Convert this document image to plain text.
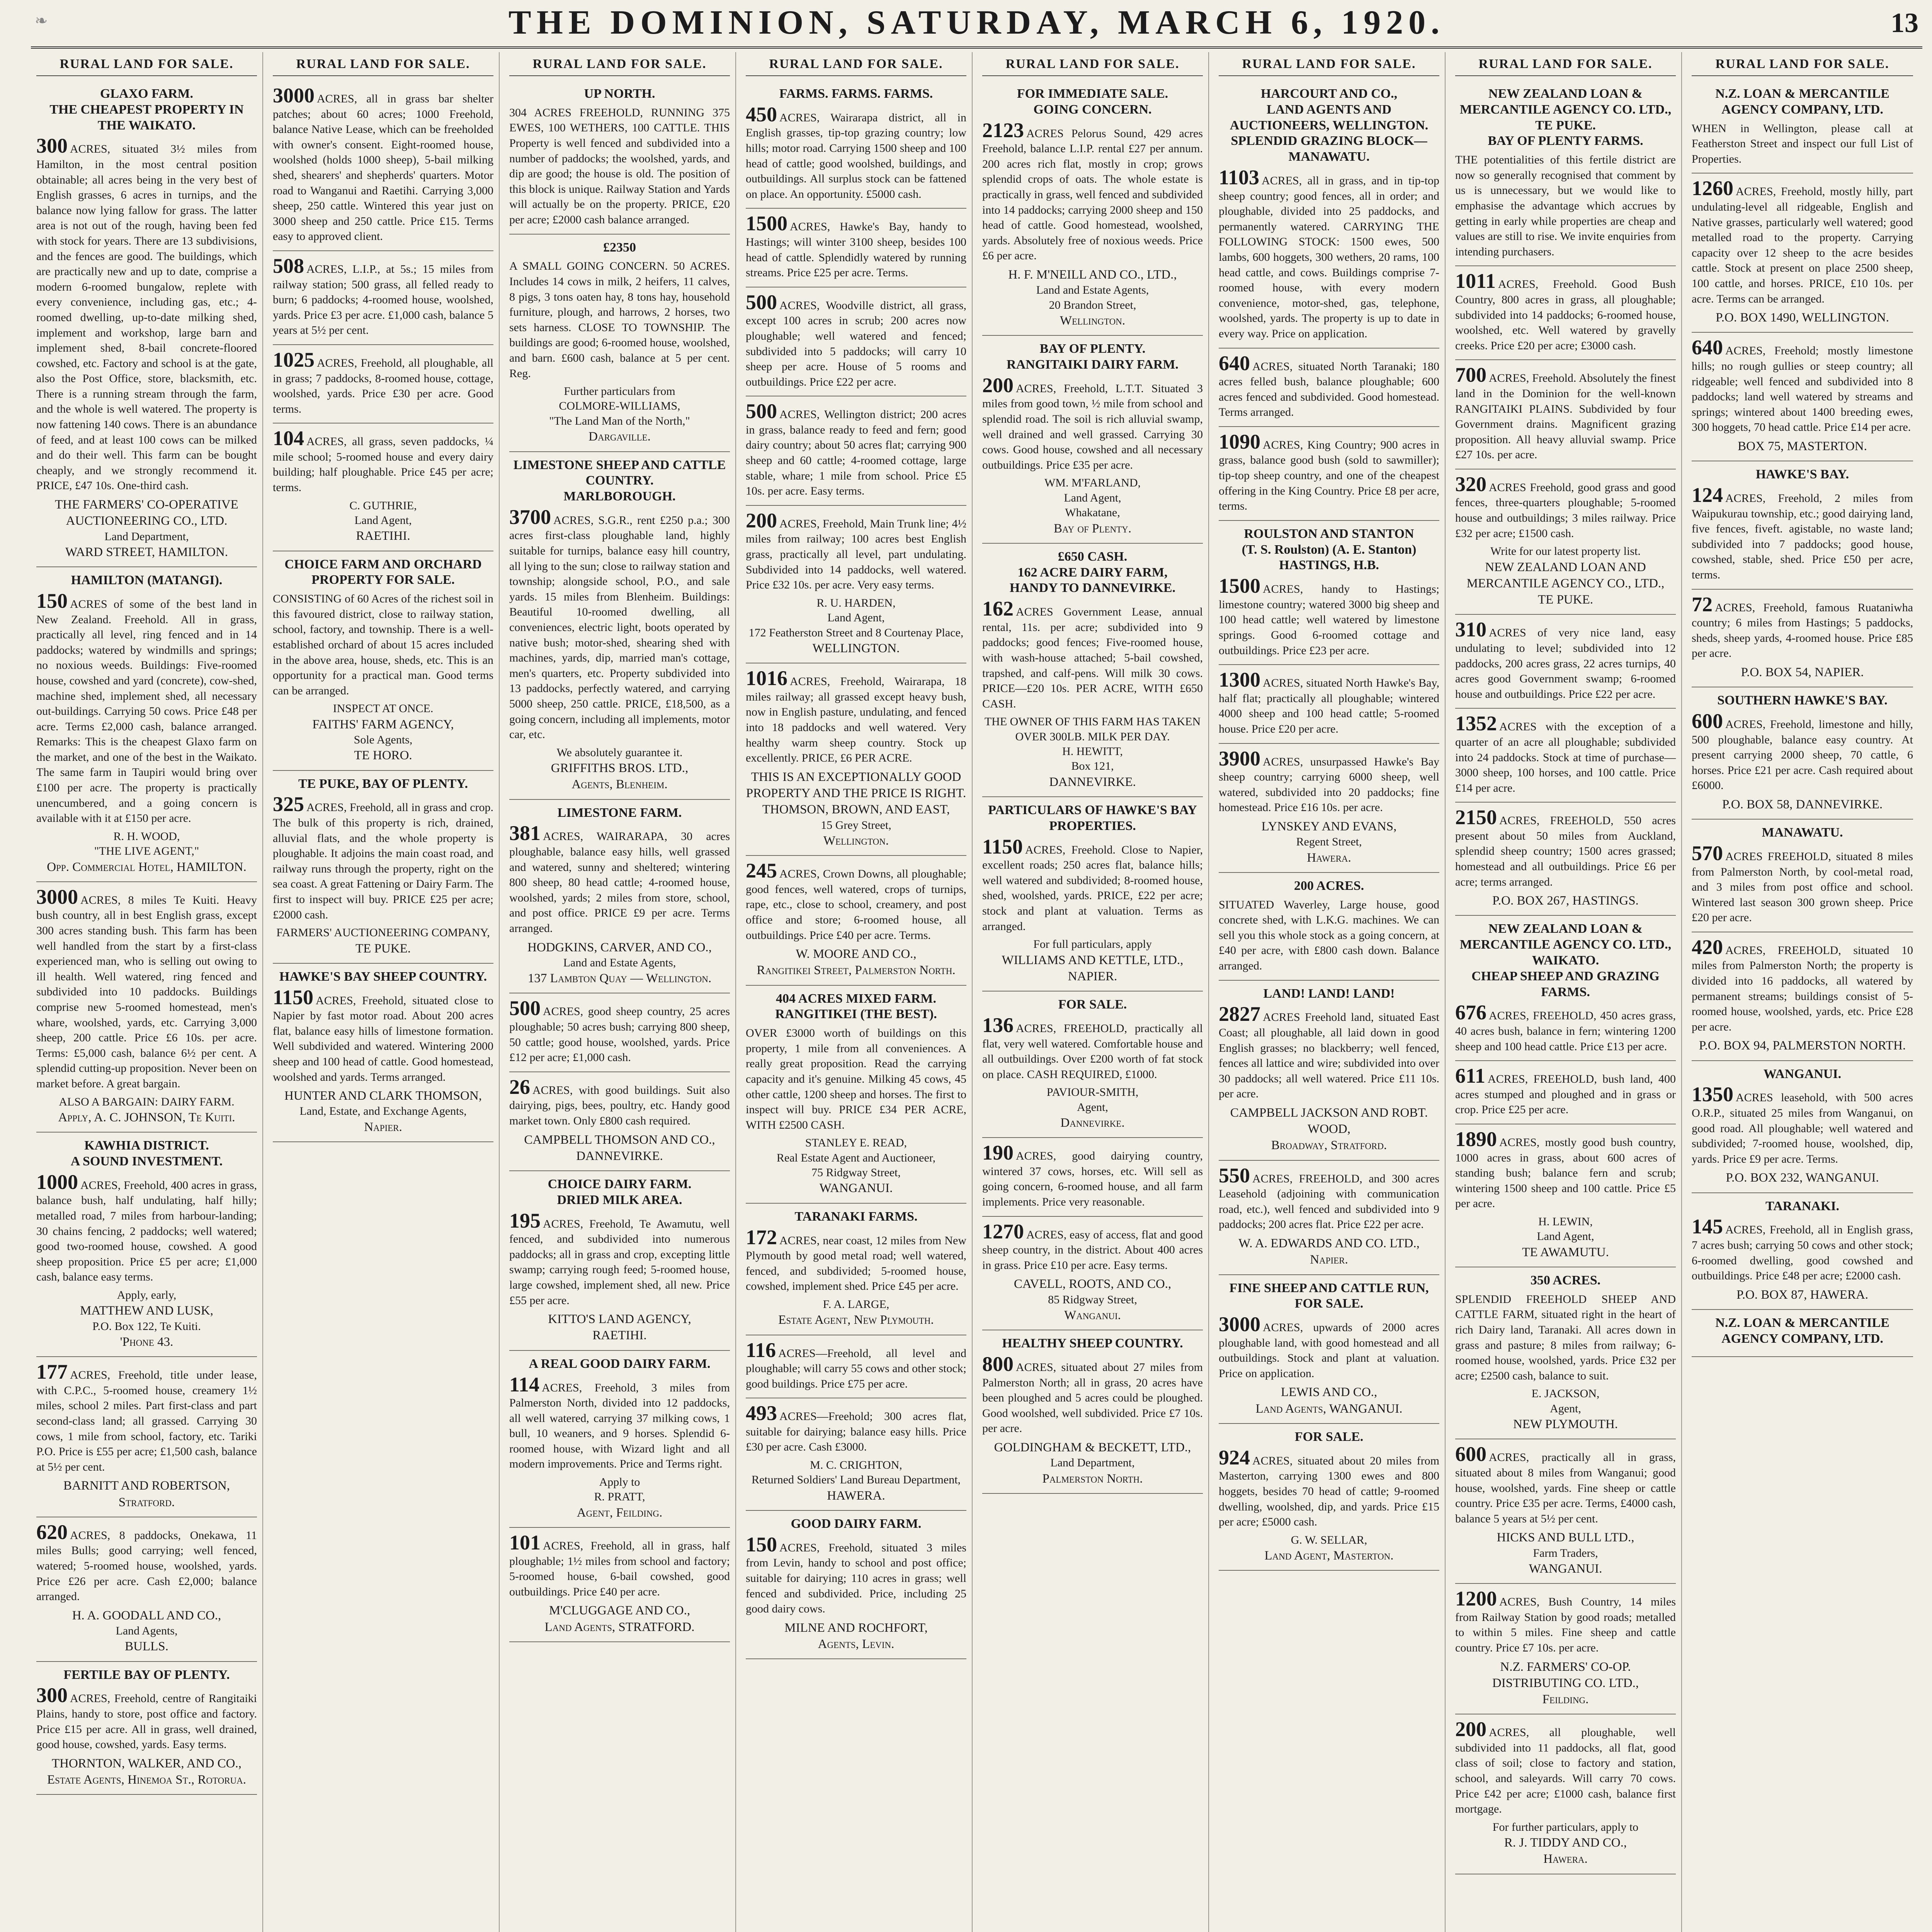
❧	THE DOMINION, SATURDAY, MARCH 6, 1920.	13
RURAL LAND FOR SALE.
GLAXO FARM.
THE CHEAPEST PROPERTY IN THE WAIKATO.
300 ACRES, situated 3½ miles from Hamilton, in the most central position obtainable; all acres being in the very best of English grasses, 6 acres in turnips, and the balance now lying fallow for grass. The latter area is not out of the rough, having been fed with stock for years. There are 13 subdivisions, and the fences are good. The buildings, which are practically new and up to date, comprise a modern 6-roomed bungalow, replete with every convenience, including gas, etc.; 4-roomed dwelling, up-to-date milking shed, implement and workshop, large barn and implement shed, 8-bail concrete-floored cowshed, etc. Factory and school is at the gate, also the Post Office, store, blacksmith, etc. There is a running stream through the farm, and the whole is well watered. The property is now fattening 140 cows. There is an abundance of feed, and at least 100 cows can be milked and do their well. This farm can be bought cheaply, and we strongly recommend it. PRICE, £47 10s. One-third cash.
THE FARMERS' CO-OPERATIVE AUCTIONEERING CO., LTD.
Land Department,
WARD STREET, HAMILTON.
HAMILTON (MATANGI).
150 ACRES of some of the best land in New Zealand. Freehold. All in grass, practically all level, ring fenced and in 14 paddocks; watered by windmills and springs; no noxious weeds. Buildings: Five-roomed house, cowshed and yard (concrete), cow-shed, machine shed, implement shed, all necessary out-buildings. Carrying 50 cows. Price £48 per acre. Terms £2,000 cash, balance arranged. Remarks: This is the cheapest Glaxo farm on the market, and one of the best in the Waikato. The same farm in Taupiri would bring over £100 per acre. The property is practically unencumbered, and a going concern is available with it at £150 per acre.
R. H. WOOD,
"THE LIVE AGENT,"
Opp. Commercial Hotel, HAMILTON.
3000 ACRES, 8 miles Te Kuiti. Heavy bush country, all in best English grass, except 300 acres standing bush. This farm has been well handled from the start by a first-class experienced man, who is selling out owing to ill health. Well watered, ring fenced and subdivided into 10 paddocks. Buildings comprise new 5-roomed homestead, men's whare, woolshed, yards, etc. Carrying 3,000 sheep, 200 cattle. Price £6 10s. per acre. Terms: £5,000 cash, balance 6½ per cent. A splendid cutting-up proposition. Never been on market before. A great bargain.
ALSO A BARGAIN: DAIRY FARM.
Apply, A. C. JOHNSON, Te Kuiti.
KAWHIA DISTRICT.
A SOUND INVESTMENT.
1000 ACRES, Freehold, 400 acres in grass, balance bush, half undulating, half hilly; metalled road, 7 miles from harbour-landing; 30 chains fencing, 2 paddocks; well watered; good two-roomed house, cowshed. A good sheep proposition. Price £5 per acre; £1,000 cash, balance easy terms.
Apply, early,
MATTHEW AND LUSK,
P.O. Box 122, Te Kuiti.
'Phone 43.
177 ACRES, Freehold, title under lease, with C.P.C., 5-roomed house, creamery 1½ miles, school 2 miles. Part first-class and part second-class land; all grassed. Carrying 30 cows, 1 mile from school, factory, etc. Tariki P.O. Price is £55 per acre; £1,500 cash, balance at 5½ per cent.
BARNITT AND ROBERTSON,
Stratford.
620 ACRES, 8 paddocks, Onekawa, 11 miles Bulls; good carrying; well fenced, watered; 5-roomed house, woolshed, yards. Price £26 per acre. Cash £2,000; balance arranged.
H. A. GOODALL AND CO.,
Land Agents,
BULLS.
FERTILE BAY OF PLENTY.
300 ACRES, Freehold, centre of Rangitaiki Plains, handy to store, post office and factory. Price £15 per acre. All in grass, well drained, good house, cowshed, yards. Easy terms.
THORNTON, WALKER, AND CO.,
Estate Agents, Hinemoa St., Rotorua.
RURAL LAND FOR SALE.
3000 ACRES, all in grass bar shelter patches; about 60 acres; 1000 Freehold, balance Native Lease, which can be freeholded with owner's consent. Eight-roomed house, woolshed (holds 1000 sheep), 5-bail milking shed, shearers' and shepherds' quarters. Motor road to Wanganui and Raetihi. Carrying 3,000 sheep, 250 cattle. Wintered this year just on 3000 sheep and 250 cattle. Price £15. Terms easy to approved client.
508 ACRES, L.I.P., at 5s.; 15 miles from railway station; 500 grass, all felled ready to burn; 6 paddocks; 4-roomed house, woolshed, yards. Price £3 per acre. £1,000 cash, balance 5 years at 5½ per cent.
1025 ACRES, Freehold, all ploughable, all in grass; 7 paddocks, 8-roomed house, cottage, woolshed, yards. Price £30 per acre. Good terms.
104 ACRES, all grass, seven paddocks, ¼ mile school; 5-roomed house and every dairy building; half ploughable. Price £45 per acre; terms.
C. GUTHRIE,
Land Agent,
RAETIHI.
CHOICE FARM AND ORCHARD PROPERTY FOR SALE.
CONSISTING of 60 Acres of the richest soil in this favoured district, close to railway station, school, factory, and township. There is a well-established orchard of about 15 acres included in the above area, house, sheds, etc. This is an opportunity for a practical man. Good terms can be arranged.
INSPECT AT ONCE.
FAITHS' FARM AGENCY,
Sole Agents,
TE HORO.
TE PUKE, BAY OF PLENTY.
325 ACRES, Freehold, all in grass and crop. The bulk of this property is rich, drained, alluvial flats, and the whole property is ploughable. It adjoins the main coast road, and railway runs through the property, right on the sea coast. A great Fattening or Dairy Farm. The first to inspect will buy. PRICE £25 per acre; £2000 cash.
FARMERS' AUCTIONEERING COMPANY,
TE PUKE.
HAWKE'S BAY SHEEP COUNTRY.
1150 ACRES, Freehold, situated close to Napier by fast motor road. About 200 acres flat, balance easy hills of limestone formation. Well subdivided and watered. Wintering 2000 sheep and 100 head of cattle. Good homestead, woolshed and yards. Terms arranged.
HUNTER AND CLARK THOMSON,
Land, Estate, and Exchange Agents,
Napier.
RURAL LAND FOR SALE.
UP NORTH.
304 ACRES FREEHOLD, RUNNING 375 EWES, 100 WETHERS, 100 CATTLE. THIS Property is well fenced and subdivided into a number of paddocks; the woolshed, yards, and dip are good; the house is old. The position of this block is unique. Railway Station and Yards will actually be on the property. PRICE, £20 per acre; £2000 cash balance arranged.
£2350
A SMALL GOING CONCERN. 50 ACRES. Includes 14 cows in milk, 2 heifers, 11 calves, 8 pigs, 3 tons oaten hay, 8 tons hay, household furniture, plough, and harrows, 2 horses, two sets harness. CLOSE TO TOWNSHIP. The buildings are good; 6-roomed house, woolshed, and barn. £600 cash, balance at 5 per cent. Reg.
Further particulars from
COLMORE-WILLIAMS,
"The Land Man of the North,"
Dargaville.
LIMESTONE SHEEP AND CATTLE COUNTRY.
MARLBOROUGH.
3700 ACRES, S.G.R., rent £250 p.a.; 300 acres first-class ploughable land, highly suitable for turnips, balance easy hill country, all lying to the sun; close to railway station and township; alongside school, P.O., and sale yards. 15 miles from Blenheim. Buildings: Beautiful 10-roomed dwelling, all conveniences, electric light, boots operated by native bush; motor-shed, shearing shed with machines, yards, dip, married man's cottage, men's quarters, etc. Property subdivided into 13 paddocks, perfectly watered, and carrying 5000 sheep, 250 cattle. PRICE, £18,500, as a going concern, including all implements, motor car, etc.
We absolutely guarantee it.
GRIFFITHS BROS. LTD.,
Agents, Blenheim.
LIMESTONE FARM.
381 ACRES, WAIRARAPA, 30 acres ploughable, balance easy hills, well grassed and watered, sunny and sheltered; wintering 800 sheep, 80 head cattle; 4-roomed house, woolshed, yards; 2 miles from store, school, and post office. PRICE £9 per acre. Terms arranged.
HODGKINS, CARVER, AND CO.,
Land and Estate Agents,
137 Lambton Quay — Wellington.
500 ACRES, good sheep country, 25 acres ploughable; 50 acres bush; carrying 800 sheep, 50 cattle; good house, woolshed, yards. Price £12 per acre; £1,000 cash.
26 ACRES, with good buildings. Suit also dairying, pigs, bees, poultry, etc. Handy good market town. Only £800 cash required.
CAMPBELL THOMSON AND CO.,
DANNEVIRKE.
CHOICE DAIRY FARM.
DRIED MILK AREA.
195 ACRES, Freehold, Te Awamutu, well fenced, and subdivided into numerous paddocks; all in grass and crop, excepting little swamp; carrying rough feed; 5-roomed house, large cowshed, implement shed, all new. Price £55 per acre.
KITTO'S LAND AGENCY,
RAETIHI.
A REAL GOOD DAIRY FARM.
114 ACRES, Freehold, 3 miles from Palmerston North, divided into 12 paddocks, all well watered, carrying 37 milking cows, 1 bull, 10 weaners, and 9 horses. Splendid 6-roomed house, with Wizard light and all modern improvements. Price and Terms right.
Apply to
R. PRATT,
Agent, Feilding.
101 ACRES, Freehold, all in grass, half ploughable; 1½ miles from school and factory; 5-roomed house, 6-bail cowshed, good outbuildings. Price £40 per acre.
M'CLUGGAGE AND CO.,
Land Agents, STRATFORD.
RURAL LAND FOR SALE.
FARMS. FARMS. FARMS.
450 ACRES, Wairarapa district, all in English grasses, tip-top grazing country; low hills; motor road. Carrying 1500 sheep and 100 head of cattle; good woolshed, buildings, and outbuildings. All surplus stock can be fattened on place. An opportunity. £5000 cash.
1500 ACRES, Hawke's Bay, handy to Hastings; will winter 3100 sheep, besides 100 head of cattle. Splendidly watered by running streams. Price £25 per acre. Terms.
500 ACRES, Woodville district, all grass, except 100 acres in scrub; 200 acres now ploughable; well watered and fenced; subdivided into 5 paddocks; will carry 10 sheep per acre. House of 5 rooms and outbuildings. Price £22 per acre.
500 ACRES, Wellington district; 200 acres in grass, balance ready to feed and fern; good dairy country; about 50 acres flat; carrying 900 sheep and 60 cattle; 4-roomed cottage, large stable, whare; 1 mile from school. Price £5 10s. per acre. Easy terms.
200 ACRES, Freehold, Main Trunk line; 4½ miles from railway; 100 acres best English grass, practically all level, part undulating. Subdivided into 14 paddocks, well watered. Price £32 10s. per acre. Very easy terms.
R. U. HARDEN,
Land Agent,
172 Featherston Street and 8 Courtenay Place,
WELLINGTON.
1016 ACRES, Freehold, Wairarapa, 18 miles railway; all grassed except heavy bush, now in English pasture, undulating, and fenced into 18 paddocks and well watered. Very healthy warm sheep country. Stock up excellently. PRICE, £6 PER ACRE.
THIS IS AN EXCEPTIONALLY GOOD PROPERTY AND THE PRICE IS RIGHT.
THOMSON, BROWN, AND EAST,
15 Grey Street,
Wellington.
245 ACRES, Crown Downs, all ploughable; good fences, well watered, crops of turnips, rape, etc., close to school, creamery, and post office and store; 6-roomed house, all outbuildings. Price £40 per acre. Terms.
W. MOORE AND CO.,
Rangitikei Street, Palmerston North.
404 ACRES MIXED FARM.
RANGITIKEI (THE BEST).
OVER £3000 worth of buildings on this property, 1 mile from all conveniences. A really great proposition. Read the carrying capacity and it's genuine. Milking 45 cows, 45 other cattle, 1200 sheep and horses. The first to inspect will buy. PRICE £34 PER ACRE, WITH £2500 CASH.
STANLEY E. READ,
Real Estate Agent and Auctioneer,
75 Ridgway Street,
WANGANUI.
TARANAKI FARMS.
172 ACRES, near coast, 12 miles from New Plymouth by good metal road; well watered, fenced, and subdivided; 5-roomed house, cowshed, implement shed. Price £45 per acre.
F. A. LARGE,
Estate Agent, New Plymouth.
116 ACRES—Freehold, all level and ploughable; will carry 55 cows and other stock; good buildings. Price £75 per acre.
493 ACRES—Freehold; 300 acres flat, suitable for dairying; balance easy hills. Price £30 per acre. Cash £3000.
M. C. CRIGHTON,
Returned Soldiers' Land Bureau Department,
HAWERA.
GOOD DAIRY FARM.
150 ACRES, Freehold, situated 3 miles from Levin, handy to school and post office; suitable for dairying; 110 acres in grass; well fenced and subdivided. Price, including 25 good dairy cows.
MILNE AND ROCHFORT,
Agents, Levin.
RURAL LAND FOR SALE.
FOR IMMEDIATE SALE.
GOING CONCERN.
2123 ACRES Pelorus Sound, 429 acres Freehold, balance L.I.P. rental £27 per annum. 200 acres rich flat, mostly in crop; grows splendid crops of oats. The whole estate is practically in grass, well fenced and subdivided into 14 paddocks; carrying 2000 sheep and 150 head of cattle. Good homestead, woolshed, yards. Absolutely free of noxious weeds. Price £6 per acre.
H. F. M'NEILL AND CO., LTD.,
Land and Estate Agents,
20 Brandon Street,
Wellington.
BAY OF PLENTY.
RANGITAIKI DAIRY FARM.
200 ACRES, Freehold, L.T.T. Situated 3 miles from good town, ½ mile from school and splendid road. The soil is rich alluvial swamp, well drained and well grassed. Carrying 30 cows. Good house, cowshed and all necessary outbuildings. Price £35 per acre.
WM. M'FARLAND,
Land Agent,
Whakatane,
Bay of Plenty.
£650 CASH.
162 ACRE DAIRY FARM,
HANDY TO DANNEVIRKE.
162 ACRES Government Lease, annual rental, 11s. per acre; subdivided into 9 paddocks; good fences; Five-roomed house, with wash-house attached; 5-bail cowshed, trapshed, and calf-pens. Will milk 30 cows. PRICE—£20 10s. PER ACRE, WITH £650 CASH.
THE OWNER OF THIS FARM HAS TAKEN OVER 300LB. MILK PER DAY.
H. HEWITT,
Box 121,
DANNEVIRKE.
PARTICULARS OF HAWKE'S BAY PROPERTIES.
1150 ACRES, Freehold. Close to Napier, excellent roads; 250 acres flat, balance hills; well watered and subdivided; 8-roomed house, shed, woolshed, yards. PRICE, £22 per acre; stock and plant at valuation. Terms as arranged.
For full particulars, apply
WILLIAMS AND KETTLE, LTD.,
NAPIER.
FOR SALE.
136 ACRES, FREEHOLD, practically all flat, very well watered. Comfortable house and all outbuildings. Over £200 worth of fat stock on place. CASH REQUIRED, £1000.
PAVIOUR-SMITH,
Agent,
Dannevirke.
190 ACRES, good dairying country, wintered 37 cows, horses, etc. Will sell as going concern, 6-roomed house, and all farm implements. Price very reasonable.
1270 ACRES, easy of access, flat and good sheep country, in the district. About 400 acres in grass. Price £10 per acre. Easy terms.
CAVELL, ROOTS, AND CO.,
85 Ridgway Street,
Wanganui.
HEALTHY SHEEP COUNTRY.
800 ACRES, situated about 27 miles from Palmerston North; all in grass, 20 acres have been ploughed and 5 acres could be ploughed. Good woolshed, well subdivided. Price £7 10s. per acre.
GOLDINGHAM & BECKETT, LTD.,
Land Department,
Palmerston North.
RURAL LAND FOR SALE.
HARCOURT AND CO.,
LAND AGENTS AND AUCTIONEERS, WELLINGTON.
SPLENDID GRAZING BLOCK—MANAWATU.
1103 ACRES, all in grass, and in tip-top sheep country; good fences, all in order; and ploughable, divided into 25 paddocks, and permanently watered. CARRYING THE FOLLOWING STOCK: 1500 ewes, 500 lambs, 600 hoggets, 300 wethers, 20 rams, 100 head cattle, and cows. Buildings comprise 7-roomed house, with every modern convenience, motor-shed, gas, telephone, woolshed, yards. The property is up to date in every way. Price on application.
640 ACRES, situated North Taranaki; 180 acres felled bush, balance ploughable; 600 acres fenced and subdivided. Good homestead. Terms arranged.
1090 ACRES, King Country; 900 acres in grass, balance good bush (sold to sawmiller); tip-top sheep country, and one of the cheapest offering in the King Country. Price £8 per acre, terms.
ROULSTON AND STANTON
(T. S. Roulston) (A. E. Stanton)
HASTINGS, H.B.
1500 ACRES, handy to Hastings; limestone country; watered 3000 big sheep and 100 head cattle; well watered by limestone springs. Good 6-roomed cottage and outbuildings. Price £23 per acre.
1300 ACRES, situated North Hawke's Bay, half flat; practically all ploughable; wintered 4000 sheep and 100 head cattle; 5-roomed house. Price £20 per acre.
3900 ACRES, unsurpassed Hawke's Bay sheep country; carrying 6000 sheep, well watered, subdivided into 20 paddocks; fine homestead. Price £16 10s. per acre.
LYNSKEY AND EVANS,
Regent Street,
Hawera.
200 ACRES.
SITUATED Waverley, Large house, good concrete shed, with L.K.G. machines. We can sell you this whole stock as a going concern, at £40 per acre, with £800 cash down. Balance arranged.
LAND! LAND! LAND!
2827 ACRES Freehold land, situated East Coast; all ploughable, all laid down in good English grasses; no blackberry; well fenced, fences all lattice and wire; subdivided into over 30 paddocks; all well watered. Price £11 10s. per acre.
CAMPBELL JACKSON AND ROBT. WOOD,
Broadway, Stratford.
550 ACRES, FREEHOLD, and 300 acres Leasehold (adjoining with communication road, etc.), well fenced and subdivided into 9 paddocks; 200 acres flat. Price £22 per acre.
W. A. EDWARDS AND CO. LTD.,
Napier.
FINE SHEEP AND CATTLE RUN,
FOR SALE.
3000 ACRES, upwards of 2000 acres ploughable land, with good homestead and all outbuildings. Stock and plant at valuation. Price on application.
LEWIS AND CO.,
Land Agents, WANGANUI.
FOR SALE.
924 ACRES, situated about 20 miles from Masterton, carrying 1300 ewes and 800 hoggets, besides 70 head of cattle; 9-roomed dwelling, woolshed, dip, and yards. Price £15 per acre; £5000 cash.
G. W. SELLAR,
Land Agent, Masterton.
RURAL LAND FOR SALE.
NEW ZEALAND LOAN & MERCANTILE AGENCY CO. LTD.,
TE PUKE.
BAY OF PLENTY FARMS.
THE potentialities of this fertile district are now so generally recognised that comment by us is unnecessary, but we would like to emphasise the advantage which accrues by getting in early while properties are cheap and values are still to rise. We invite enquiries from intending purchasers.
1011 ACRES, Freehold. Good Bush Country, 800 acres in grass, all ploughable; subdivided into 14 paddocks; 6-roomed house, woolshed, etc. Well watered by gravelly creeks. Price £20 per acre; £3000 cash.
700 ACRES, Freehold. Absolutely the finest land in the Dominion for the well-known RANGITAIKI PLAINS. Subdivided by four Government drains. Magnificent grazing proposition. All heavy alluvial swamp. Price £27 10s. per acre.
320 ACRES Freehold, good grass and good fences, three-quarters ploughable; 5-roomed house and outbuildings; 3 miles railway. Price £32 per acre; £1500 cash.
Write for our latest property list.
NEW ZEALAND LOAN AND MERCANTILE AGENCY CO., LTD.,
TE PUKE.
310 ACRES of very nice land, easy undulating to level; subdivided into 12 paddocks, 200 acres grass, 22 acres turnips, 40 acres good Government swamp; 6-roomed house and outbuildings. Price £22 per acre.
1352 ACRES with the exception of a quarter of an acre all ploughable; subdivided into 24 paddocks. Stock at time of purchase—3000 sheep, 100 horses, and 100 cattle. Price £14 per acre.
2150 ACRES, FREEHOLD, 550 acres present about 50 miles from Auckland, splendid sheep country; 1500 acres grassed; homestead and all outbuildings. Price £6 per acre; terms arranged.
P.O. BOX 267, HASTINGS.
NEW ZEALAND LOAN & MERCANTILE AGENCY CO. LTD.,
WAIKATO.
CHEAP SHEEP AND GRAZING FARMS.
676 ACRES, FREEHOLD, 450 acres grass, 40 acres bush, balance in fern; wintering 1200 sheep and 100 head cattle. Price £13 per acre.
611 ACRES, FREEHOLD, bush land, 400 acres stumped and ploughed and in grass or crop. Price £25 per acre.
1890 ACRES, mostly good bush country, 1000 acres in grass, about 600 acres of standing bush; balance fern and scrub; wintering 1500 sheep and 100 cattle. Price £5 per acre.
H. LEWIN,
Land Agent,
TE AWAMUTU.
350 ACRES.
SPLENDID FREEHOLD SHEEP AND CATTLE FARM, situated right in the heart of rich Dairy land, Taranaki. All acres down in grass and pasture; 8 miles from railway; 6-roomed house, woolshed, yards. Price £32 per acre; £2500 cash, balance to suit.
E. JACKSON,
Agent,
NEW PLYMOUTH.
600 ACRES, practically all in grass, situated about 8 miles from Wanganui; good house, woolshed, yards. Fine sheep or cattle country. Price £35 per acre. Terms, £4000 cash, balance 5 years at 5½ per cent.
HICKS AND BULL LTD.,
Farm Traders,
WANGANUI.
1200 ACRES, Bush Country, 14 miles from Railway Station by good roads; metalled to within 5 miles. Fine sheep and cattle country. Price £7 10s. per acre.
N.Z. FARMERS' CO-OP. DISTRIBUTING CO. LTD.,
Feilding.
200 ACRES, all ploughable, well subdivided into 11 paddocks, all flat, good class of soil; close to factory and station, school, and saleyards. Will carry 70 cows. Price £42 per acre; £1000 cash, balance first mortgage.
For further particulars, apply to
R. J. TIDDY AND CO.,
Hawera.
RURAL LAND FOR SALE.
N.Z. LOAN & MERCANTILE AGENCY COMPANY, LTD.
WHEN in Wellington, please call at Featherston Street and inspect our full List of Properties.
1260 ACRES, Freehold, mostly hilly, part undulating-level all ridgeable, English and Native grasses, particularly well watered; good metalled road to the property. Carrying capacity over 12 sheep to the acre besides cattle. Stock at present on place 2500 sheep, 100 cattle, and horses. PRICE, £10 10s. per acre. Terms can be arranged.
P.O. BOX 1490, WELLINGTON.
640 ACRES, Freehold; mostly limestone hills; no rough gullies or steep country; all ridgeable; well fenced and subdivided into 8 paddocks; land well watered by streams and springs; wintered about 1400 breeding ewes, 300 hoggets, 70 head cattle. Price £14 per acre.
BOX 75, MASTERTON.
HAWKE'S BAY.
124 ACRES, Freehold, 2 miles from Waipukurau township, etc.; good dairying land, five fences, fiveft. agistable, no waste land; subdivided into 7 paddocks; good house, cowshed, stable, shed. Price £50 per acre, terms.
72 ACRES, Freehold, famous Ruataniwha country; 6 miles from Hastings; 5 paddocks, sheds, sheep yards, 4-roomed house. Price £85 per acre.
P.O. BOX 54, NAPIER.
SOUTHERN HAWKE'S BAY.
600 ACRES, Freehold, limestone and hilly, 500 ploughable, balance easy country. At present carrying 2000 sheep, 70 cattle, 6 horses. Price £21 per acre. Cash required about £6000.
P.O. BOX 58, DANNEVIRKE.
MANAWATU.
570 ACRES FREEHOLD, situated 8 miles from Palmerston North, by cool-metal road, and 3 miles from post office and school. Wintered last season 300 grown sheep. Price £20 per acre.
420 ACRES, FREEHOLD, situated 10 miles from Palmerston North; the property is divided into 16 paddocks, all watered by permanent streams; buildings consist of 5-roomed house, woolshed, yards, etc. Price £28 per acre.
P.O. BOX 94, PALMERSTON NORTH.
WANGANUI.
1350 ACRES leasehold, with 500 acres O.R.P., situated 25 miles from Wanganui, on good road. All ploughable; well watered and subdivided; 7-roomed house, woolshed, dip, yards. Price £9 per acre. Terms.
P.O. BOX 232, WANGANUI.
TARANAKI.
145 ACRES, Freehold, all in English grass, 7 acres bush; carrying 50 cows and other stock; 6-roomed dwelling, good cowshed and outbuildings. Price £48 per acre; £2000 cash.
P.O. BOX 87, HAWERA.
N.Z. LOAN & MERCANTILE AGENCY COMPANY, LTD.
